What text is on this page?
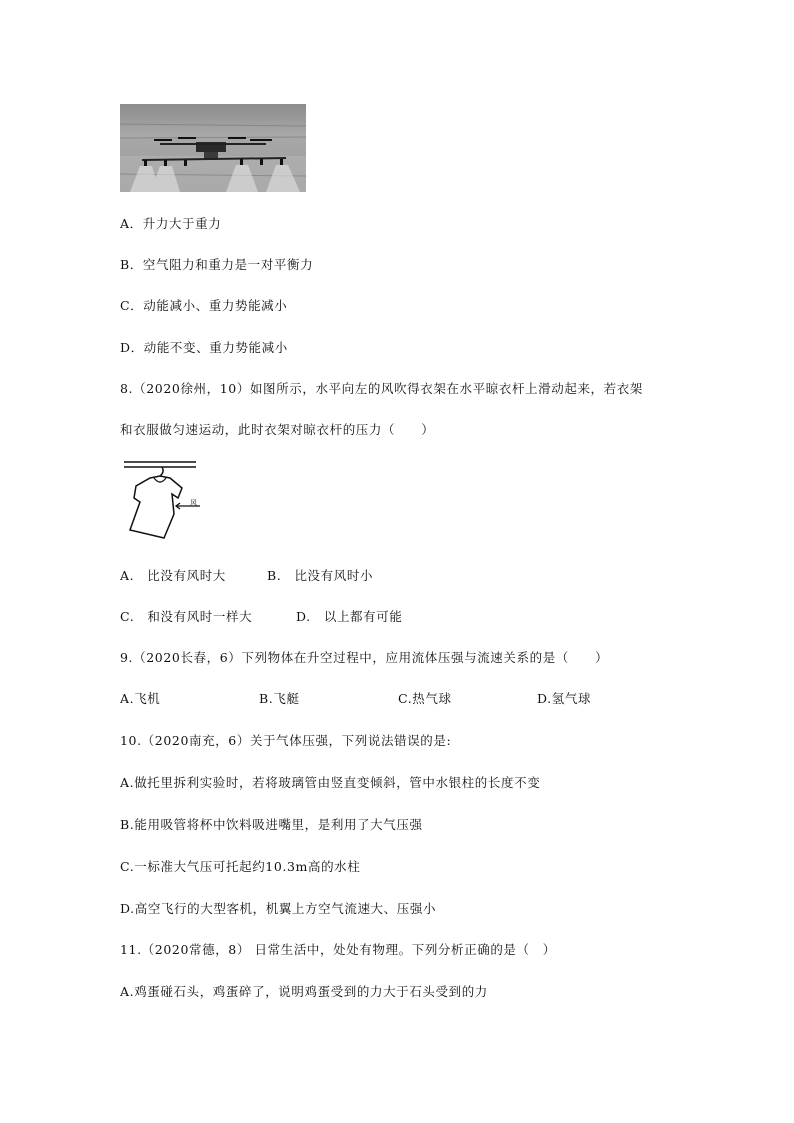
A．升力大于重力
B．空气阻力和重力是一对平衡力
C．动能减小、重力势能减小
D．动能不变、重力势能减小
8.（2020徐州，10）如图所示，水平向左的风吹得衣架在水平晾衣杆上滑动起来，若衣架
和衣服做匀速运动，此时衣架对晾衣杆的压力（　　）
风
A.　比没有风时大	B.　比没有风时小
C.　和没有风时一样大	D.　以上都有可能
9.（2020长春，6）下列物体在升空过程中，应用流体压强与流速关系的是（　　）
A.飞机	B.飞艇	C.热气球	D.氢气球
10.（2020南充，6）关于气体压强，下列说法错误的是:
A.做托里拆利实验时，若将玻璃管由竖直变倾斜，管中水银柱的长度不变
B.能用吸管将杯中饮料吸进嘴里，是利用了大气压强
C.一标准大气压可托起约10.3m高的水柱
D.高空飞行的大型客机，机翼上方空气流速大、压强小
11.（2020常德，8） 日常生活中，处处有物理。下列分析正确的是（　）
A.鸡蛋碰石头，鸡蛋碎了，说明鸡蛋受到的力大于石头受到的力
